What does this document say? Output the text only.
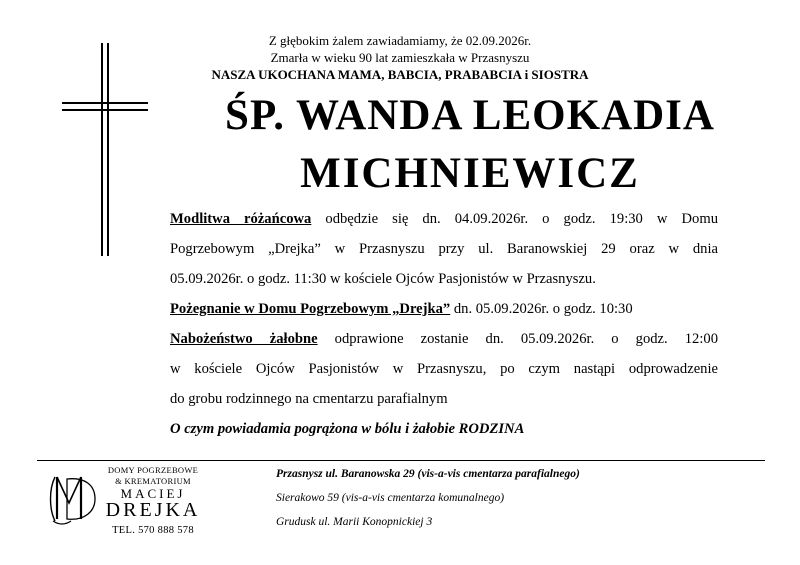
Z głębokim żalem zawiadamiamy, że 02.09.2026r.
Zmarła w wieku 90 lat zamieszkała w Przasnyszu
NASZA UKOCHANA MAMA, BABCIA, PRABABCIA i SIOSTRA
ŚP. WANDA LEOKADIA
MICHNIEWICZ
Modlitwa różańcowa odbędzie się dn. 04.09.2026r. o godz. 19:30 w Domu
Pogrzebowym „Drejka” w Przasnyszu przy ul. Baranowskiej 29 oraz w dnia
05.09.2026r. o godz. 11:30 w kościele Ojców Pasjonistów w Przasnyszu.
Pożegnanie w Domu Pogrzebowym „Drejka” dn. 05.09.2026r. o godz. 10:30
Nabożeństwo żałobne odprawione zostanie dn. 05.09.2026r. o godz. 12:00
w kościele Ojców Pasjonistów w Przasnyszu, po czym nastąpi odprowadzenie
do grobu rodzinnego na cmentarzu parafialnym
O czym powiadamia pogrążona w bólu i żałobie RODZINA
DOMY POGRZEBOWE
& KREMATORIUM
MACIEJ
DREJKA
TEL. 570 888 578
Przasnysz ul. Baranowska 29 (vis-a-vis cmentarza parafialnego)
Sierakowo 59 (vis-a-vis cmentarza komunalnego)
Grudusk ul. Marii Konopnickiej 3
